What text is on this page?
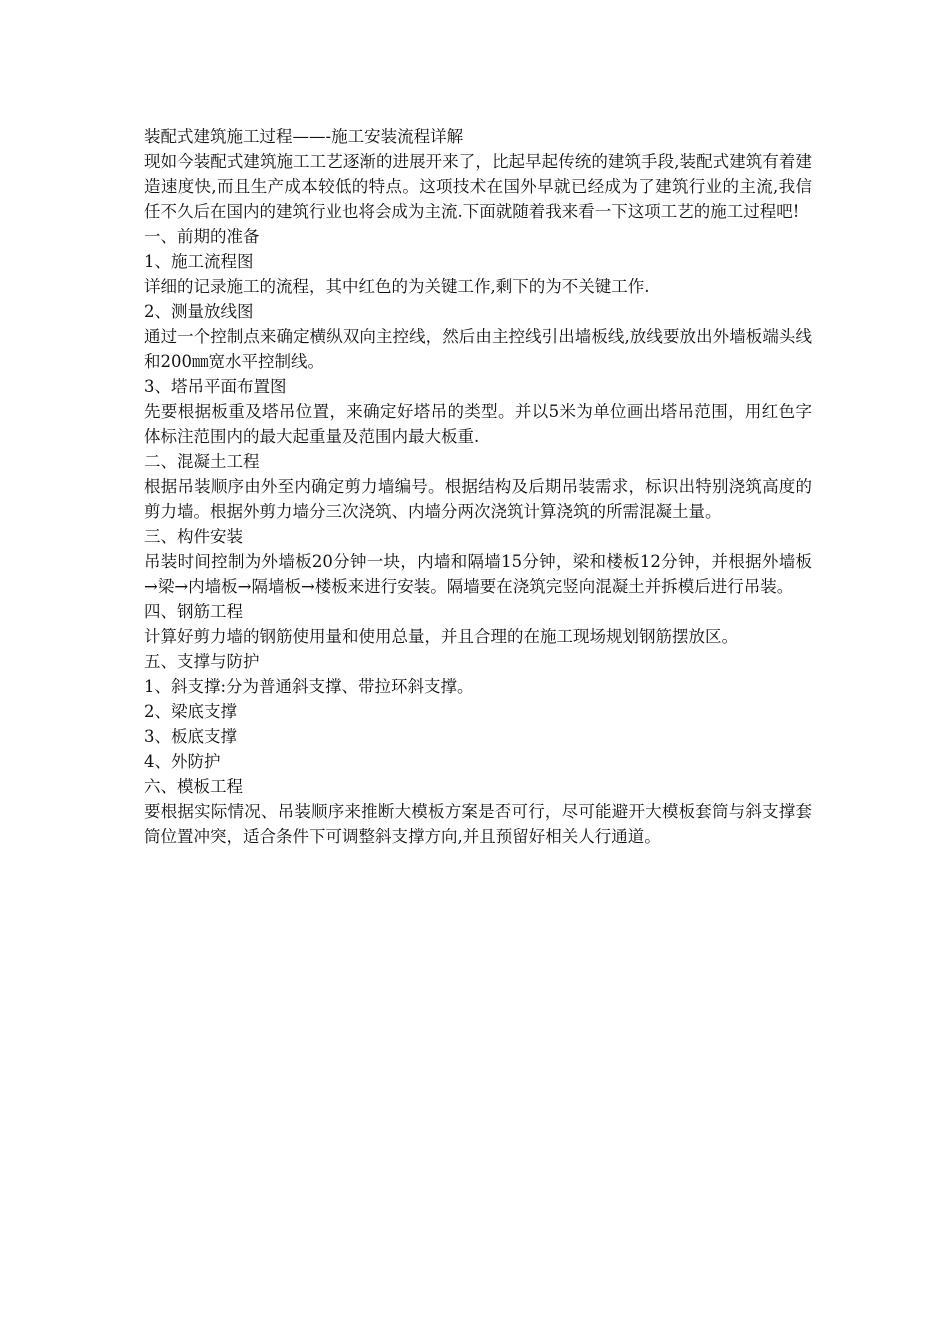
装配式建筑施工过程——-施工安装流程详解

现如今装配式建筑施工工艺逐渐的进展开来了，比起早起传统的建筑手段,装配式建筑有着建造速度快,而且生产成本较低的特点。这项技术在国外早就已经成为了建筑行业的主流,我信任不久后在国内的建筑行业也将会成为主流.下面就随着我来看一下这项工艺的施工过程吧!

一、前期的准备

1、施工流程图

详细的记录施工的流程，其中红色的为关键工作,剩下的为不关键工作.

2、测量放线图

通过一个控制点来确定横纵双向主控线，然后由主控线引出墙板线,放线要放出外墙板端头线和200㎜宽水平控制线。

3、塔吊平面布置图

先要根据板重及塔吊位置，来确定好塔吊的类型。并以5米为单位画出塔吊范围，用红色字体标注范围内的最大起重量及范围内最大板重.

二、混凝土工程

根据吊装顺序由外至内确定剪力墙编号。根据结构及后期吊装需求，标识出特别浇筑高度的剪力墙。根据外剪力墙分三次浇筑、内墙分两次浇筑计算浇筑的所需混凝土量。

三、构件安装

吊装时间控制为外墙板20分钟一块，内墙和隔墙15分钟，梁和楼板12分钟，并根据外墙板→梁→内墙板→隔墙板→楼板来进行安装。隔墙要在浇筑完竖向混凝土并拆模后进行吊装。

四、钢筋工程

计算好剪力墙的钢筋使用量和使用总量，并且合理的在施工现场规划钢筋摆放区。

五、支撑与防护

1、斜支撑:分为普通斜支撑、带拉环斜支撑。

2、梁底支撑

3、板底支撑

4、外防护

六、模板工程

要根据实际情况、吊装顺序来推断大模板方案是否可行，尽可能避开大模板套筒与斜支撑套筒位置冲突，适合条件下可调整斜支撑方向,并且预留好相关人行通道。
